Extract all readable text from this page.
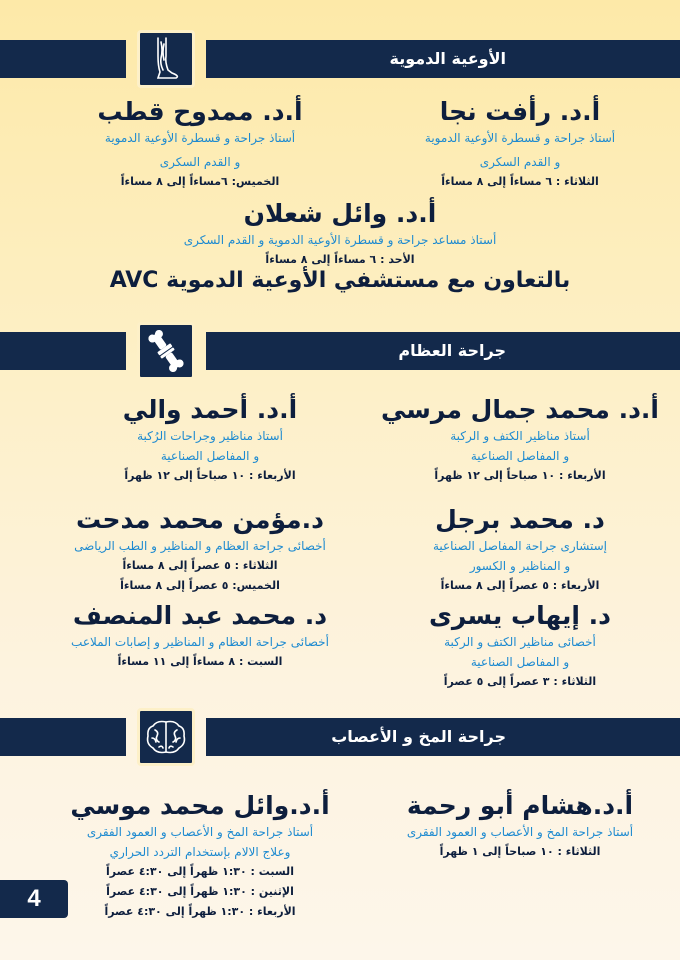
الأوعية الدموية
أ.د. رأفت نجا
أستاذ جراحة و قسطرة الأوعية الدموية
و القدم السكرى
الثلاثاء : ٦ مساءاً إلى ٨ مساءاً
أ.د. ممدوح قطب
أستاذ جراحة و قسطرة الأوعية الدموية
و القدم السكرى
الخميس: ٦مساءاً إلى ٨ مساءاً
أ.د. وائل شعلان
أستاذ مساعد جراحة و قسطرة الأوعية الدموية و القدم السكرى
الأحد : ٦ مساءاً إلى ٨ مساءاً
بالتعاون مع مستشفي الأوعية الدموية AVC
جراحة العظام
أ.د. محمد جمال مرسي
أستاذ مناظير الكتف و الركبة
و المفاصل الصناعية
الأربعاء : ١٠ صباحاً إلى ١٢ ظهراً
أ.د. أحمد والي
أستاذ مناظير وجراحات الرُكبة
و المفاصل الصناعية
الأربعاء : ١٠ صباحاً إلى ١٢ ظهراً
د. محمد برجل
إستشارى جراحة المفاصل الصناعية
و المناظير و الكسور
الأربعاء : ٥ عصراً إلى ٨ مساءاً
د.مؤمن محمد مدحت
أخصائى جراحة العظام و المناظير و الطب الرياضى
الثلاثاء : ٥ عصراً إلى ٨ مساءاً
الخميس: ٥ عصراً إلى ٨ مساءاً
د. إيهاب يسرى
أخصائى مناظير الكتف و الركبة
و المفاصل الصناعية
الثلاثاء : ٣ عصراً إلى ٥ عصراً
د. محمد عبد المنصف
أخصائى جراحة العظام و المناظير و إصابات الملاعب
السبت : ٨ مساءاً إلى ١١ مساءاً
جراحة المخ و الأعصاب
أ.د.هشام أبو رحمة
أستاذ جراحة المخ و الأعصاب و العمود الفقرى
الثلاثاء : ١٠ صباحاً إلى ١ ظهراً
أ.د.وائل محمد موسي
أستاذ جراحة المخ و الأعصاب و العمود الفقرى
وعلاج الالام بإستخدام التردد الحراري
السبت : ١:٣٠ ظهراً إلى ٤:٣٠ عصراً
الإثنين : ١:٣٠ ظهراً إلى ٤:٣٠ عصراً
الأربعاء : ١:٣٠ ظهراً إلى ٤:٣٠ عصراً
4
